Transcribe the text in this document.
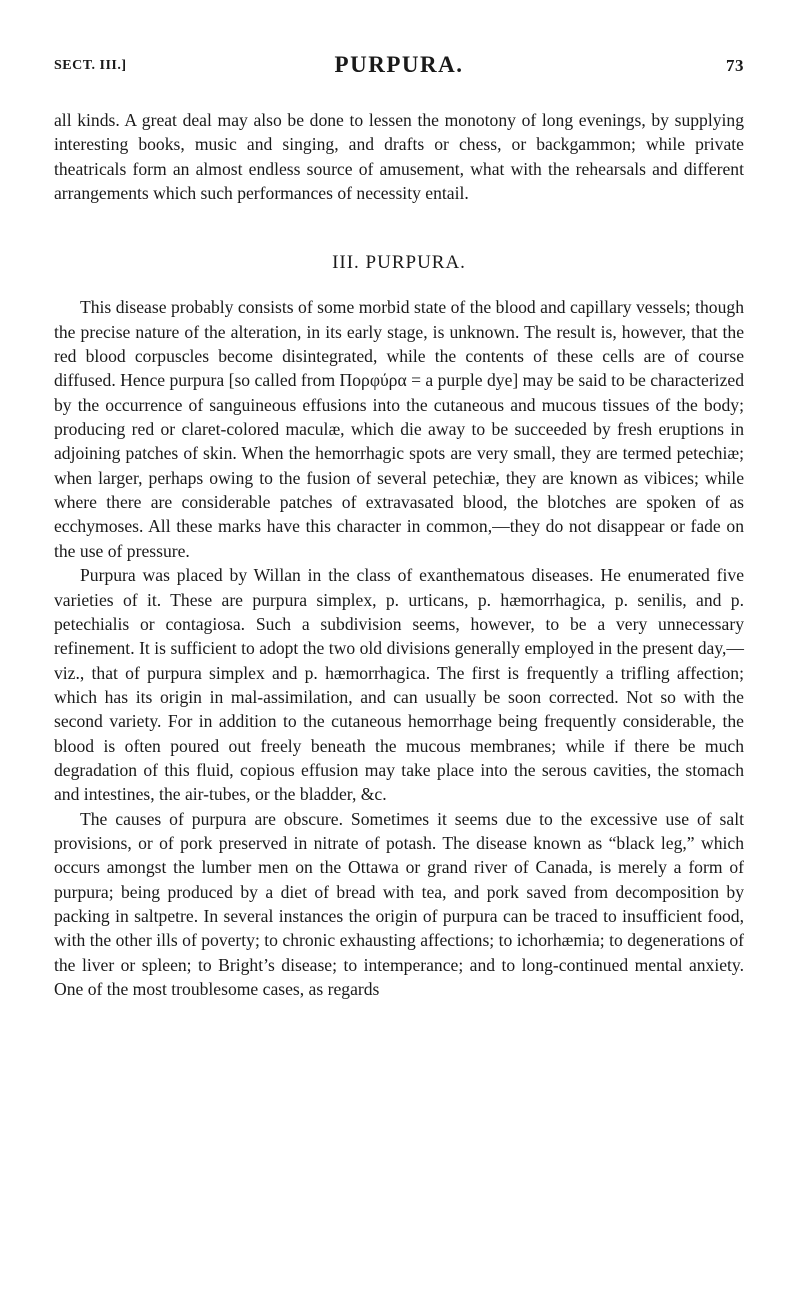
SECT. III.]	PURPURA.	73

all kinds. A great deal may also be done to lessen the monotony of long evenings, by supplying interesting books, music and singing, and drafts or chess, or backgammon; while private theatricals form an almost endless source of amusement, what with the rehearsals and different arrangements which such performances of necessity entail.

III. PURPURA.

This disease probably consists of some morbid state of the blood and capillary vessels; though the precise nature of the alteration, in its early stage, is unknown. The result is, however, that the red blood corpuscles become disintegrated, while the contents of these cells are of course diffused. Hence purpura [so called from Πορφύρα = a purple dye] may be said to be characterized by the occurrence of sanguineous effusions into the cutaneous and mucous tissues of the body; producing red or claret-colored maculæ, which die away to be succeeded by fresh eruptions in adjoining patches of skin. When the hemorrhagic spots are very small, they are termed petechiæ; when larger, perhaps owing to the fusion of several petechiæ, they are known as vibices; while where there are considerable patches of extravasated blood, the blotches are spoken of as ecchymoses. All these marks have this character in common,—they do not disappear or fade on the use of pressure.

Purpura was placed by Willan in the class of exanthematous diseases. He enumerated five varieties of it. These are purpura simplex, p. urticans, p. hæmorrhagica, p. senilis, and p. petechialis or contagiosa. Such a subdivision seems, however, to be a very unnecessary refinement. It is sufficient to adopt the two old divisions generally employed in the present day,—viz., that of purpura simplex and p. hæmorrhagica. The first is frequently a trifling affection; which has its origin in mal-assimilation, and can usually be soon corrected. Not so with the second variety. For in addition to the cutaneous hemorrhage being frequently considerable, the blood is often poured out freely beneath the mucous membranes; while if there be much degradation of this fluid, copious effusion may take place into the serous cavities, the stomach and intestines, the air-tubes, or the bladder, &c.

The causes of purpura are obscure. Sometimes it seems due to the excessive use of salt provisions, or of pork preserved in nitrate of potash. The disease known as “black leg,” which occurs amongst the lumber men on the Ottawa or grand river of Canada, is merely a form of purpura; being produced by a diet of bread with tea, and pork saved from decomposition by packing in saltpetre. In several instances the origin of purpura can be traced to insufficient food, with the other ills of poverty; to chronic exhausting affections; to ichorhæmia; to degenerations of the liver or spleen; to Bright’s disease; to intemperance; and to long-continued mental anxiety. One of the most troublesome cases, as regards
